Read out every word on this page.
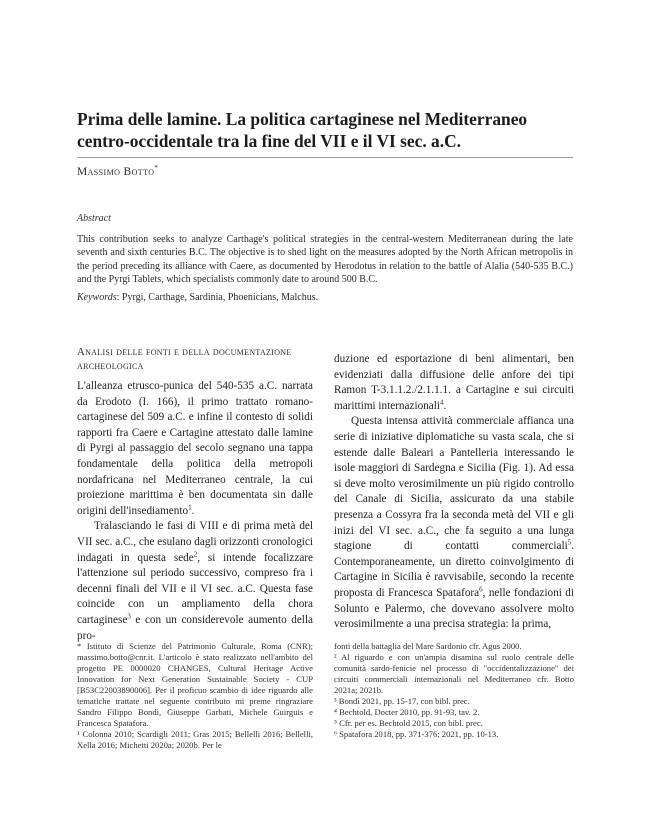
Prima delle lamine. La politica cartaginese nel Mediterraneo centro-occidentale tra la fine del VII e il VI sec. a.C.
Massimo Botto*
Abstract

This contribution seeks to analyze Carthage's political strategies in the central-western Mediterranean during the late seventh and sixth centuries B.C. The objective is to shed light on the measures adopted by the North African metropolis in the period preceding its alliance with Caere, as documented by Herodotus in relation to the battle of Alalia (540-535 B.C.) and the Pyrgi Tablets, which specialists commonly date to around 500 B.C.

Keywords: Pyrgi, Carthage, Sardinia, Phoenicians, Malchus.

Analisi delle fonti e della documentazione archeologica

L'alleanza etrusco-punica del 540-535 a.C. narrata da Erodoto (I. 166), il primo trattato romano-cartaginese del 509 a.C. e infine il contesto di solidi rapporti fra Caere e Cartagine attestato dalle lamine di Pyrgi al passaggio del secolo segnano una tappa fondamentale della politica della metropoli nordafricana nel Mediterraneo centrale, la cui proiezione marittima è ben documentata sin dalle origini dell'insediamento$^1$.

Tralasciando le fasi di VIII e di prima metà del VII sec. a.C., che esulano dagli orizzonti cronologici indagati in questa sede$^2$, si intende focalizzare l'attenzione sul periodo successivo, compreso fra i decenni finali del VII e il VI sec. a.C. Questa fase coincide con un ampliamento della chora cartaginese$^3$ e con un considerevole aumento della pro-

duzione ed esportazione di beni alimentari, ben evidenziati dalla diffusione delle anfore dei tipi Ramon T-3.1.1.2./2.1.1.1. a Cartagine e sui circuiti marittimi internazionali$^4$.

Questa intensa attività commerciale affianca una serie di iniziative diplomatiche su vasta scala, che si estende dalle Baleari a Pantelleria interessando le isole maggiori di Sardegna e Sicilia (Fig. 1). Ad essa si deve molto verosimilmente un più rigido controllo del Canale di Sicilia, assicurato da una stabile presenza a Cossyra fra la seconda metà del VII e gli inizi del VI sec. a.C., che fa seguito a una lunga stagione di contatti commerciali$^5$. Contemporaneamente, un diretto coinvolgimento di Cartagine in Sicilia è ravvisabile, secondo la recente proposta di Francesca Spatafora$^6$, nelle fondazioni di Solunto e Palermo, che dovevano assolvere molto verosimilmente a una precisa strategia: la prima,

* Istituto di Scienze del Patrimonio Culturale, Roma (CNR); massimo.botto@cnr.it. L'articolo è stato realizzato nell'ambito del progetto PE 0000020 CHANGES, Cultural Heritage Active Innovation for Next Generation Sustainable Society - CUP [B53C22003890006]. Per il proficuo scambio di idee riguardo alle tematiche trattate nel seguente contributo mi preme ringraziare Sandro Filippo Bondì, Giuseppe Garbati, Michele Guirguis e Francesca Spatafora.

¹ Colonna 2010; Scardigli 2011; Gras 2015; Bellelli 2016; Bellelli, Xella 2016; Michetti 2020a; 2020b. Per le

fonti della battaglia del Mare Sardonio cfr. Agus 2000.

² Al riguardo e con un'ampia disamina sul ruolo centrale delle comunità sardo-fenicie nel processo di "occidentalizzazione" dei circuiti commerciali internazionali nel Mediterraneo cfr. Botto 2021a; 2021b.

³ Bondì 2021, pp. 15-17, con bibl. prec.

⁴ Bechtold, Docter 2010, pp. 91-93, tav. 2.

⁵ Cfr. per es. Bechtold 2015, con bibl. prec.

⁶ Spatafora 2018, pp. 371-376; 2021, pp. 10-13.
